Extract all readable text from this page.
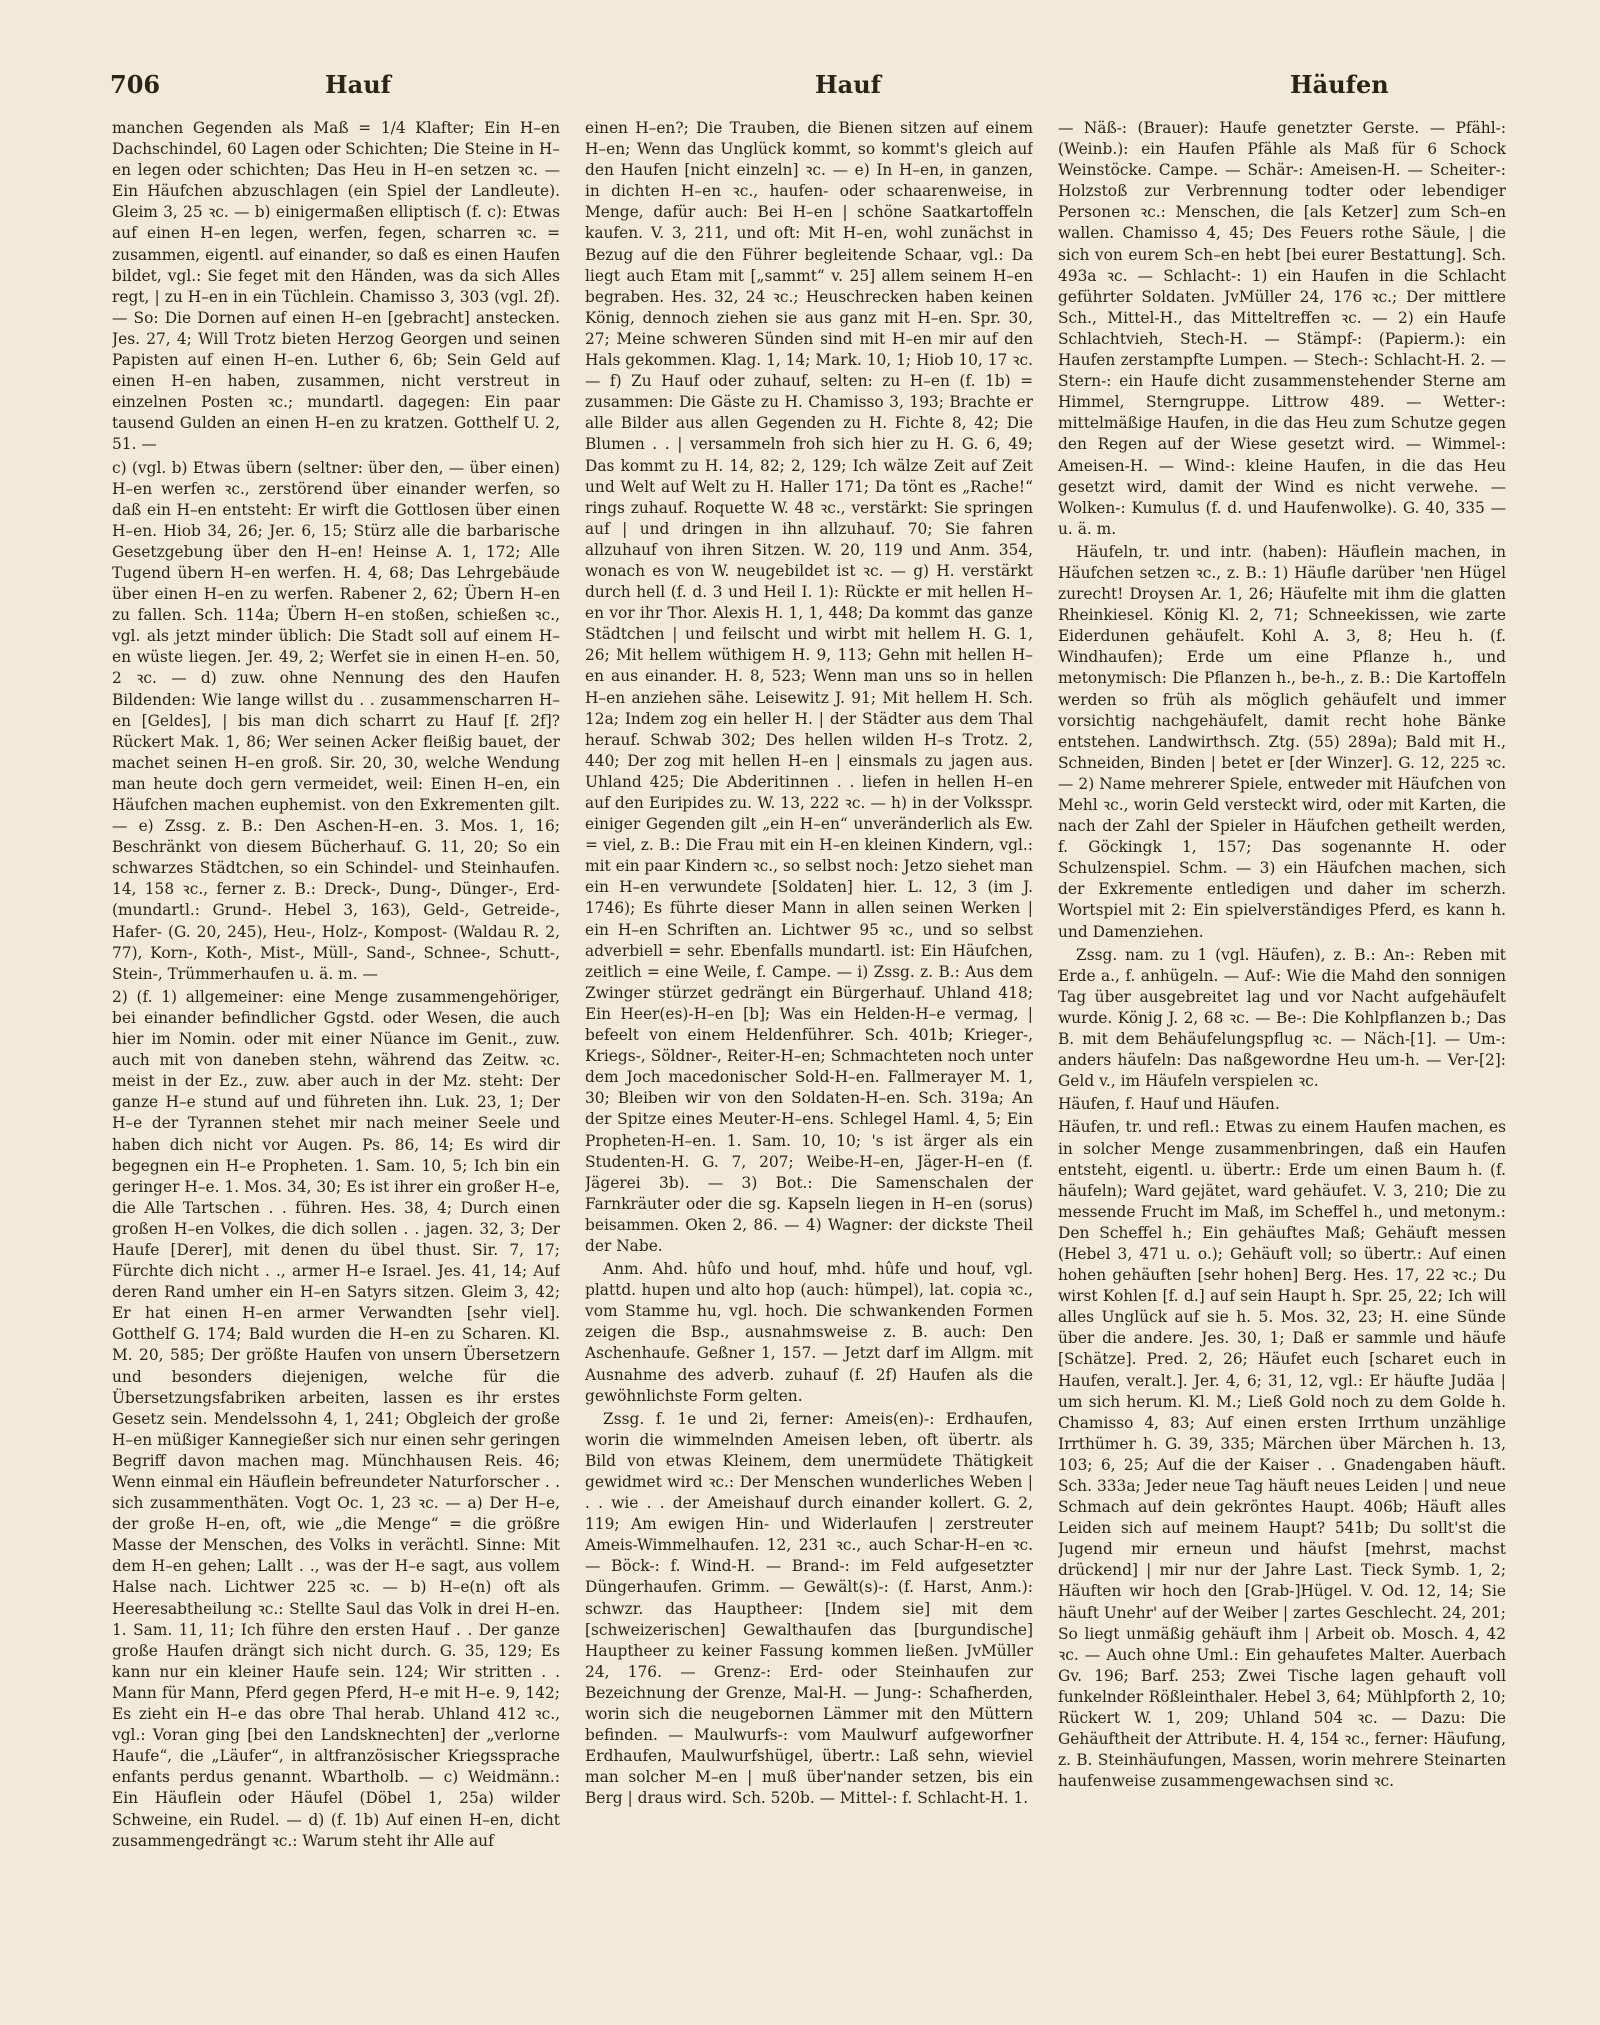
706	Hauf	Hauf	Häufen

manchen Gegenden als Maß = 1/4 Klafter; Ein H–en Dachschindel, 60 Lagen oder Schichten; Die Steine in H–en legen oder schichten; Das Heu in H–en setzen ꝛc. — Ein Häufchen abzuschlagen (ein Spiel der Landleute). Gleim 3, 25 ꝛc. — b) einigermaßen elliptisch (f. c): Etwas auf einen H–en legen, werfen, fegen, scharren ꝛc. = zusammen, eigentl. auf einander, so daß es einen Haufen bildet, vgl.: Sie feget mit den Händen, was da sich Alles regt, | zu H–en in ein Tüchlein. Chamisso 3, 303 (vgl. 2f). — So: Die Dornen auf einen H–en [gebracht] anstecken. Jes. 27, 4; Will Trotz bieten Herzog Georgen und seinen Papisten auf einen H–en. Luther 6, 6b; Sein Geld auf einen H–en haben, zusammen, nicht verstreut in einzelnen Posten ꝛc.; mundartl. dagegen: Ein paar tausend Gulden an einen H–en zu kratzen. Gotthelf U. 2, 51. —

c) (vgl. b) Etwas übern (seltner: über den, — über einen) H–en werfen ꝛc., zerstörend über einander werfen, so daß ein H–en entsteht: Er wirft die Gottlosen über einen H–en. Hiob 34, 26; Jer. 6, 15; Stürz alle die barbarische Gesetzgebung über den H–en! Heinse A. 1, 172; Alle Tugend übern H–en werfen. H. 4, 68; Das Lehrgebäude über einen H–en zu werfen. Rabener 2, 62; Übern H–en zu fallen. Sch. 114a; Übern H–en stoßen, schießen ꝛc., vgl. als jetzt minder üblich: Die Stadt soll auf einem H–en wüste liegen. Jer. 49, 2; Werfet sie in einen H–en. 50, 2 ꝛc. — d) zuw. ohne Nennung des den Haufen Bildenden: Wie lange willst du . . zusammenscharren H–en [Geldes], | bis man dich scharrt zu Hauf [f. 2f]? Rückert Mak. 1, 86; Wer seinen Acker fleißig bauet, der machet seinen H–en groß. Sir. 20, 30, welche Wendung man heute doch gern vermeidet, weil: Einen H–en, ein Häufchen machen euphemist. von den Exkrementen gilt. — e) Zssg. z. B.: Den Aschen-H–en. 3. Mos. 1, 16; Beschränkt von diesem Bücherhauf. G. 11, 20; So ein schwarzes Städtchen, so ein Schindel- und Steinhaufen. 14, 158 ꝛc., ferner z. B.: Dreck-, Dung-, Dünger-, Erd- (mundartl.: Grund-. Hebel 3, 163), Geld-, Getreide-, Hafer- (G. 20, 245), Heu-, Holz-, Kompost- (Waldau R. 2, 77), Korn-, Koth-, Mist-, Müll-, Sand-, Schnee-, Schutt-, Stein-, Trümmerhaufen u. ä. m. —

2) (f. 1) allgemeiner: eine Menge zusammengehöriger, bei einander befindlicher Ggstd. oder Wesen, die auch hier im Nomin. oder mit einer Nüance im Genit., zuw. auch mit von daneben stehn, während das Zeitw. ꝛc. meist in der Ez., zuw. aber auch in der Mz. steht: Der ganze H–e stund auf und führeten ihn. Luk. 23, 1; Der H–e der Tyrannen stehet mir nach meiner Seele und haben dich nicht vor Augen. Ps. 86, 14; Es wird dir begegnen ein H–e Propheten. 1. Sam. 10, 5; Ich bin ein geringer H–e. 1. Mos. 34, 30; Es ist ihrer ein großer H–e, die Alle Tartschen . . führen. Hes. 38, 4; Durch einen großen H–en Volkes, die dich sollen . . jagen. 32, 3; Der Haufe [Derer], mit denen du übel thust. Sir. 7, 17; Fürchte dich nicht . ., armer H–e Israel. Jes. 41, 14; Auf deren Rand umher ein H–en Satyrs sitzen. Gleim 3, 42; Er hat einen H–en armer Verwandten [sehr viel]. Gotthelf G. 174; Bald wurden die H–en zu Scharen. Kl. M. 20, 585; Der größte Haufen von unsern Übersetzern und besonders diejenigen, welche für die Übersetzungsfabriken arbeiten, lassen es ihr erstes Gesetz sein. Mendelssohn 4, 1, 241; Obgleich der große H–en müßiger Kannegießer sich nur einen sehr geringen Begriff davon machen mag. Münchhausen Reis. 46; Wenn einmal ein Häuflein befreundeter Naturforscher . . sich zusammenthäten. Vogt Oc. 1, 23 ꝛc. — a) Der H–e, der große H–en, oft, wie „die Menge“ = die größre Masse der Menschen, des Volks in verächtl. Sinne: Mit dem H–en gehen; Lallt . ., was der H–e sagt, aus vollem Halse nach. Lichtwer 225 ꝛc. — b) H–e(n) oft als Heeresabtheilung ꝛc.: Stellte Saul das Volk in drei H–en. 1. Sam. 11, 11; Ich führe den ersten Hauf . . Der ganze große Haufen drängt sich nicht durch. G. 35, 129; Es kann nur ein kleiner Haufe sein. 124; Wir stritten . . Mann für Mann, Pferd gegen Pferd, H–e mit H–e. 9, 142; Es zieht ein H–e das obre Thal herab. Uhland 412 ꝛc., vgl.: Voran ging [bei den Landsknechten] der „verlorne Haufe“, die „Läufer“, in altfranzösischer Kriegssprache enfants perdus genannt. Wbartholb. — c) Weidmänn.: Ein Häuflein oder Häufel (Döbel 1, 25a) wilder Schweine, ein Rudel. — d) (f. 1b) Auf einen H–en, dicht zusammengedrängt ꝛc.: Warum steht ihr Alle auf

einen H–en?; Die Trauben, die Bienen sitzen auf einem H–en; Wenn das Unglück kommt, so kommt's gleich auf den Haufen [nicht einzeln] ꝛc. — e) In H–en, in ganzen, in dichten H–en ꝛc., haufen- oder schaarenweise, in Menge, dafür auch: Bei H–en | schöne Saatkartoffeln kaufen. V. 3, 211, und oft: Mit H–en, wohl zunächst in Bezug auf die den Führer begleitende Schaar, vgl.: Da liegt auch Etam mit [„sammt“ v. 25] allem seinem H–en begraben. Hes. 32, 24 ꝛc.; Heuschrecken haben keinen König, dennoch ziehen sie aus ganz mit H–en. Spr. 30, 27; Meine schweren Sünden sind mit H–en mir auf den Hals gekommen. Klag. 1, 14; Mark. 10, 1; Hiob 10, 17 ꝛc. — f) Zu Hauf oder zuhauf, selten: zu H–en (f. 1b) = zusammen: Die Gäste zu H. Chamisso 3, 193; Brachte er alle Bilder aus allen Gegenden zu H. Fichte 8, 42; Die Blumen . . | versammeln froh sich hier zu H. G. 6, 49; Das kommt zu H. 14, 82; 2, 129; Ich wälze Zeit auf Zeit und Welt auf Welt zu H. Haller 171; Da tönt es „Rache!“ rings zuhauf. Roquette W. 48 ꝛc., verstärkt: Sie springen auf | und dringen in ihn allzuhauf. 70; Sie fahren allzuhauf von ihren Sitzen. W. 20, 119 und Anm. 354, wonach es von W. neugebildet ist ꝛc. — g) H. verstärkt durch hell (f. d. 3 und Heil I. 1): Rückte er mit hellen H–en vor ihr Thor. Alexis H. 1, 1, 448; Da kommt das ganze Städtchen | und feilscht und wirbt mit hellem H. G. 1, 26; Mit hellem wüthigem H. 9, 113; Gehn mit hellen H–en aus einander. H. 8, 523; Wenn man uns so in hellen H–en anziehen sähe. Leisewitz J. 91; Mit hellem H. Sch. 12a; Indem zog ein heller H. | der Städter aus dem Thal herauf. Schwab 302; Des hellen wilden H–s Trotz. 2, 440; Der zog mit hellen H–en | einsmals zu jagen aus. Uhland 425; Die Abderitinnen . . liefen in hellen H–en auf den Euripides zu. W. 13, 222 ꝛc. — h) in der Volksspr. einiger Gegenden gilt „ein H–en“ unveränderlich als Ew. = viel, z. B.: Die Frau mit ein H–en kleinen Kindern, vgl.: mit ein paar Kindern ꝛc., so selbst noch: Jetzo siehet man ein H–en verwundete [Soldaten] hier. L. 12, 3 (im J. 1746); Es führte dieser Mann in allen seinen Werken | ein H–en Schriften an. Lichtwer 95 ꝛc., und so selbst adverbiell = sehr. Ebenfalls mundartl. ist: Ein Häufchen, zeitlich = eine Weile, f. Campe. — i) Zssg. z. B.: Aus dem Zwinger stürzet gedrängt ein Bürgerhauf. Uhland 418; Ein Heer(es)-H–en [b]; Was ein Helden-H–e vermag, | befeelt von einem Heldenführer. Sch. 401b; Krieger-, Kriegs-, Söldner-, Reiter-H–en; Schmachteten noch unter dem Joch macedonischer Sold-H–en. Fallmerayer M. 1, 30; Bleiben wir von den Soldaten-H–en. Sch. 319a; An der Spitze eines Meuter-H–ens. Schlegel Haml. 4, 5; Ein Propheten-H–en. 1. Sam. 10, 10; 's ist ärger als ein Studenten-H. G. 7, 207; Weibe-H–en, Jäger-H–en (f. Jägerei 3b). — 3) Bot.: Die Samenschalen der Farnkräuter oder die sg. Kapseln liegen in H–en (sorus) beisammen. Oken 2, 86. — 4) Wagner: der dickste Theil der Nabe.

Anm. Ahd. hûfo und houf, mhd. hûfe und houf, vgl. plattd. hupen und alto hop (auch: hümpel), lat. copia ꝛc., vom Stamme hu, vgl. hoch. Die schwankenden Formen zeigen die Bsp., ausnahmsweise z. B. auch: Den Aschenhaufe. Geßner 1, 157. — Jetzt darf im Allgm. mit Ausnahme des adverb. zuhauf (f. 2f) Haufen als die gewöhnlichste Form gelten.

Zssg. f. 1e und 2i, ferner: Ameis(en)-: Erdhaufen, worin die wimmelnden Ameisen leben, oft übertr. als Bild von etwas Kleinem, dem unermüdete Thätigkeit gewidmet wird ꝛc.: Der Menschen wunderliches Weben | . . wie . . der Ameishauf durch einander kollert. G. 2, 119; Am ewigen Hin- und Widerlaufen | zerstreuter Ameis-Wimmelhaufen. 12, 231 ꝛc., auch Schar-H–en ꝛc. — Böck-: f. Wind-H. — Brand-: im Feld aufgesetzter Düngerhaufen. Grimm. — Gewält(s)-: (f. Harst, Anm.): schwzr. das Hauptheer: [Indem sie] mit dem [schweizerischen] Gewalthaufen das [burgundische] Hauptheer zu keiner Fassung kommen ließen. JvMüller 24, 176. — Grenz-: Erd- oder Steinhaufen zur Bezeichnung der Grenze, Mal-H. — Jung-: Schafherden, worin sich die neugebornen Lämmer mit den Müttern befinden. — Maulwurfs-: vom Maulwurf aufgeworfner Erdhaufen, Maulwurfshügel, übertr.: Laß sehn, wieviel man solcher M–en | muß über'nander setzen, bis ein Berg | draus wird. Sch. 520b. — Mittel-: f. Schlacht-H. 1.

— Näß-: (Brauer): Haufe genetzter Gerste. — Pfähl-: (Weinb.): ein Haufen Pfähle als Maß für 6 Schock Weinstöcke. Campe. — Schär-: Ameisen-H. — Scheiter-: Holzstoß zur Verbrennung todter oder lebendiger Personen ꝛc.: Menschen, die [als Ketzer] zum Sch–en wallen. Chamisso 4, 45; Des Feuers rothe Säule, | die sich von eurem Sch–en hebt [bei eurer Bestattung]. Sch. 493a ꝛc. — Schlacht-: 1) ein Haufen in die Schlacht geführter Soldaten. JvMüller 24, 176 ꝛc.; Der mittlere Sch., Mittel-H., das Mitteltreffen ꝛc. — 2) ein Haufe Schlachtvieh, Stech-H. — Stämpf-: (Papierm.): ein Haufen zerstampfte Lumpen. — Stech-: Schlacht-H. 2. — Stern-: ein Haufe dicht zusammenstehender Sterne am Himmel, Sterngruppe. Littrow 489. — Wetter-: mittelmäßige Haufen, in die das Heu zum Schutze gegen den Regen auf der Wiese gesetzt wird. — Wimmel-: Ameisen-H. — Wind-: kleine Haufen, in die das Heu gesetzt wird, damit der Wind es nicht verwehe. — Wolken-: Kumulus (f. d. und Haufenwolke). G. 40, 335 — u. ä. m.

Häufeln, tr. und intr. (haben): Häuflein machen, in Häufchen setzen ꝛc., z. B.: 1) Häufle darüber 'nen Hügel zurecht! Droysen Ar. 1, 26; Häufelte mit ihm die glatten Rheinkiesel. König Kl. 2, 71; Schneekissen, wie zarte Eiderdunen gehäufelt. Kohl A. 3, 8; Heu h. (f. Windhaufen); Erde um eine Pflanze h., und metonymisch: Die Pflanzen h., be-h., z. B.: Die Kartoffeln werden so früh als möglich gehäufelt und immer vorsichtig nachgehäufelt, damit recht hohe Bänke entstehen. Landwirthsch. Ztg. (55) 289a); Bald mit H., Schneiden, Binden | betet er [der Winzer]. G. 12, 225 ꝛc. — 2) Name mehrerer Spiele, entweder mit Häufchen von Mehl ꝛc., worin Geld versteckt wird, oder mit Karten, die nach der Zahl der Spieler in Häufchen getheilt werden, f. Göckingk 1, 157; Das sogenannte H. oder Schulzenspiel. Schm. — 3) ein Häufchen machen, sich der Exkremente entledigen und daher im scherzh. Wortspiel mit 2: Ein spielverständiges Pferd, es kann h. und Damenziehen.

Zssg. nam. zu 1 (vgl. Häufen), z. B.: An-: Reben mit Erde a., f. anhügeln. — Auf-: Wie die Mahd den sonnigen Tag über ausgebreitet lag und vor Nacht aufgehäufelt wurde. König J. 2, 68 ꝛc. — Be-: Die Kohlpflanzen b.; Das B. mit dem Behäufelungspflug ꝛc. — Näch-[1]. — Um-: anders häufeln: Das naßgewordne Heu um-h. — Ver-[2]: Geld v., im Häufeln verspielen ꝛc.

Häufen, f. Hauf und Häufen.

Häufen, tr. und refl.: Etwas zu einem Haufen machen, es in solcher Menge zusammenbringen, daß ein Haufen entsteht, eigentl. u. übertr.: Erde um einen Baum h. (f. häufeln); Ward gejätet, ward gehäufet. V. 3, 210; Die zu messende Frucht im Maß, im Scheffel h., und metonym.: Den Scheffel h.; Ein gehäuftes Maß; Gehäuft messen (Hebel 3, 471 u. o.); Gehäuft voll; so übertr.: Auf einen hohen gehäuften [sehr hohen] Berg. Hes. 17, 22 ꝛc.; Du wirst Kohlen [f. d.] auf sein Haupt h. Spr. 25, 22; Ich will alles Unglück auf sie h. 5. Mos. 32, 23; H. eine Sünde über die andere. Jes. 30, 1; Daß er sammle und häufe [Schätze]. Pred. 2, 26; Häufet euch [scharet euch in Haufen, veralt.]. Jer. 4, 6; 31, 12, vgl.: Er häufte Judäa | um sich herum. Kl. M.; Ließ Gold noch zu dem Golde h. Chamisso 4, 83; Auf einen ersten Irrthum unzählige Irrthümer h. G. 39, 335; Märchen über Märchen h. 13, 103; 6, 25; Auf die der Kaiser . . Gnadengaben häuft. Sch. 333a; Jeder neue Tag häuft neues Leiden | und neue Schmach auf dein gekröntes Haupt. 406b; Häuft alles Leiden sich auf meinem Haupt? 541b; Du sollt'st die Jugend mir erneun und häufst [mehrst, machst drückend] | mir nur der Jahre Last. Tieck Symb. 1, 2; Häuften wir hoch den [Grab-]Hügel. V. Od. 12, 14; Sie häuft Unehr' auf der Weiber | zartes Geschlecht. 24, 201; So liegt unmäßig gehäuft ihm | Arbeit ob. Mosch. 4, 42 ꝛc. — Auch ohne Uml.: Ein gehaufetes Malter. Auerbach Gv. 196; Barf. 253; Zwei Tische lagen gehauft voll funkelnder Rößleinthaler. Hebel 3, 64; Mühlpforth 2, 10; Rückert W. 1, 209; Uhland 504 ꝛc. — Dazu: Die Gehäuftheit der Attribute. H. 4, 154 ꝛc., ferner: Häufung, z. B. Steinhäufungen, Massen, worin mehrere Steinarten haufenweise zusammengewachsen sind ꝛc.
